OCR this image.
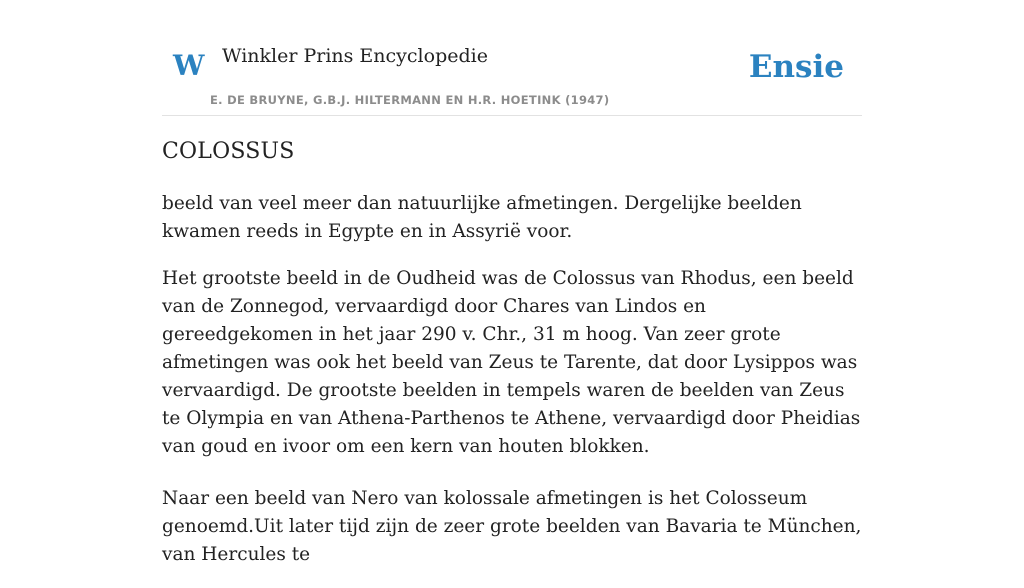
W Winkler Prins Encyclopedie
E. DE BRUYNE, G.B.J. HILTERMANN EN H.R. HOETINK (1947)
Ensie
COLOSSUS

beeld van veel meer dan natuurlijke afmetingen. Dergelijke beelden kwamen reeds in Egypte en in Assyrië voor.

Het grootste beeld in de Oudheid was de Colossus van Rhodus, een beeld van de Zonnegod, vervaardigd door Chares van Lindos en gereedgekomen in het jaar 290 v. Chr., 31 m hoog. Van zeer grote afmetingen was ook het beeld van Zeus te Tarente, dat door Lysippos was vervaardigd. De grootste beelden in tempels waren de beelden van Zeus te Olympia en van Athena-Parthenos te Athene, vervaardigd door Pheidias van goud en ivoor om een kern van houten blokken.

Naar een beeld van Nero van kolossale afmetingen is het Colosseum genoemd.Uit later tijd zijn de zeer grote beelden van Bavaria te München, van Hercules te
